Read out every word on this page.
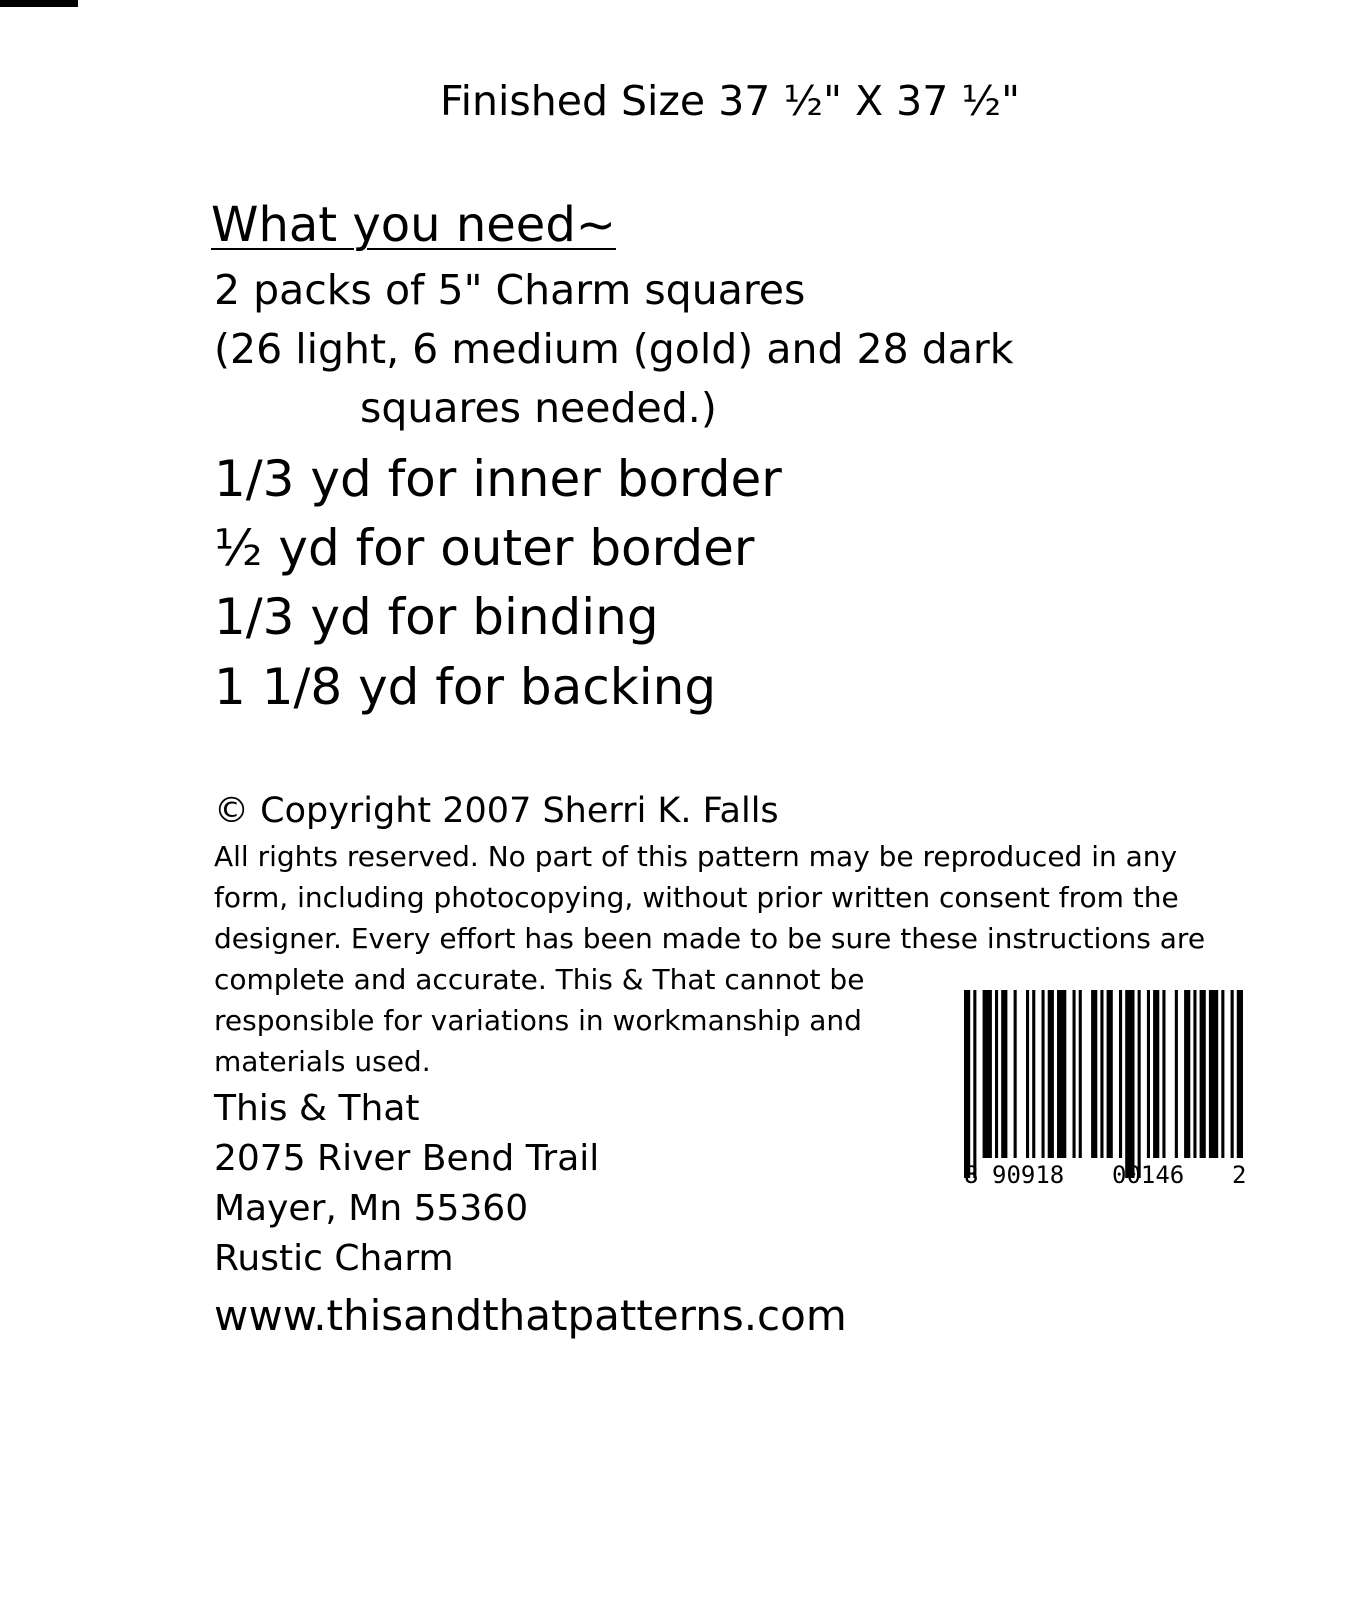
Finished Size 37 ½" X 37 ½"
What you need~
2 packs of 5" Charm squares
(26 light, 6 medium (gold) and 28 dark
squares needed.)
1/3 yd for inner border
½ yd for outer border
1/3 yd for binding
1 1/8 yd for backing
© Copyright 2007 Sherri K. Falls
All rights reserved. No part of this pattern may be reproduced in any
form, including photocopying, without prior written consent from the
designer. Every effort has been made to be sure these instructions are
complete and accurate. This & That cannot be
responsible for variations in workmanship and
materials used.
This & That
2075 River Bend Trail
Mayer, Mn 55360
Rustic Charm
www.thisandthatpatterns.com
8 90918 00146 2
